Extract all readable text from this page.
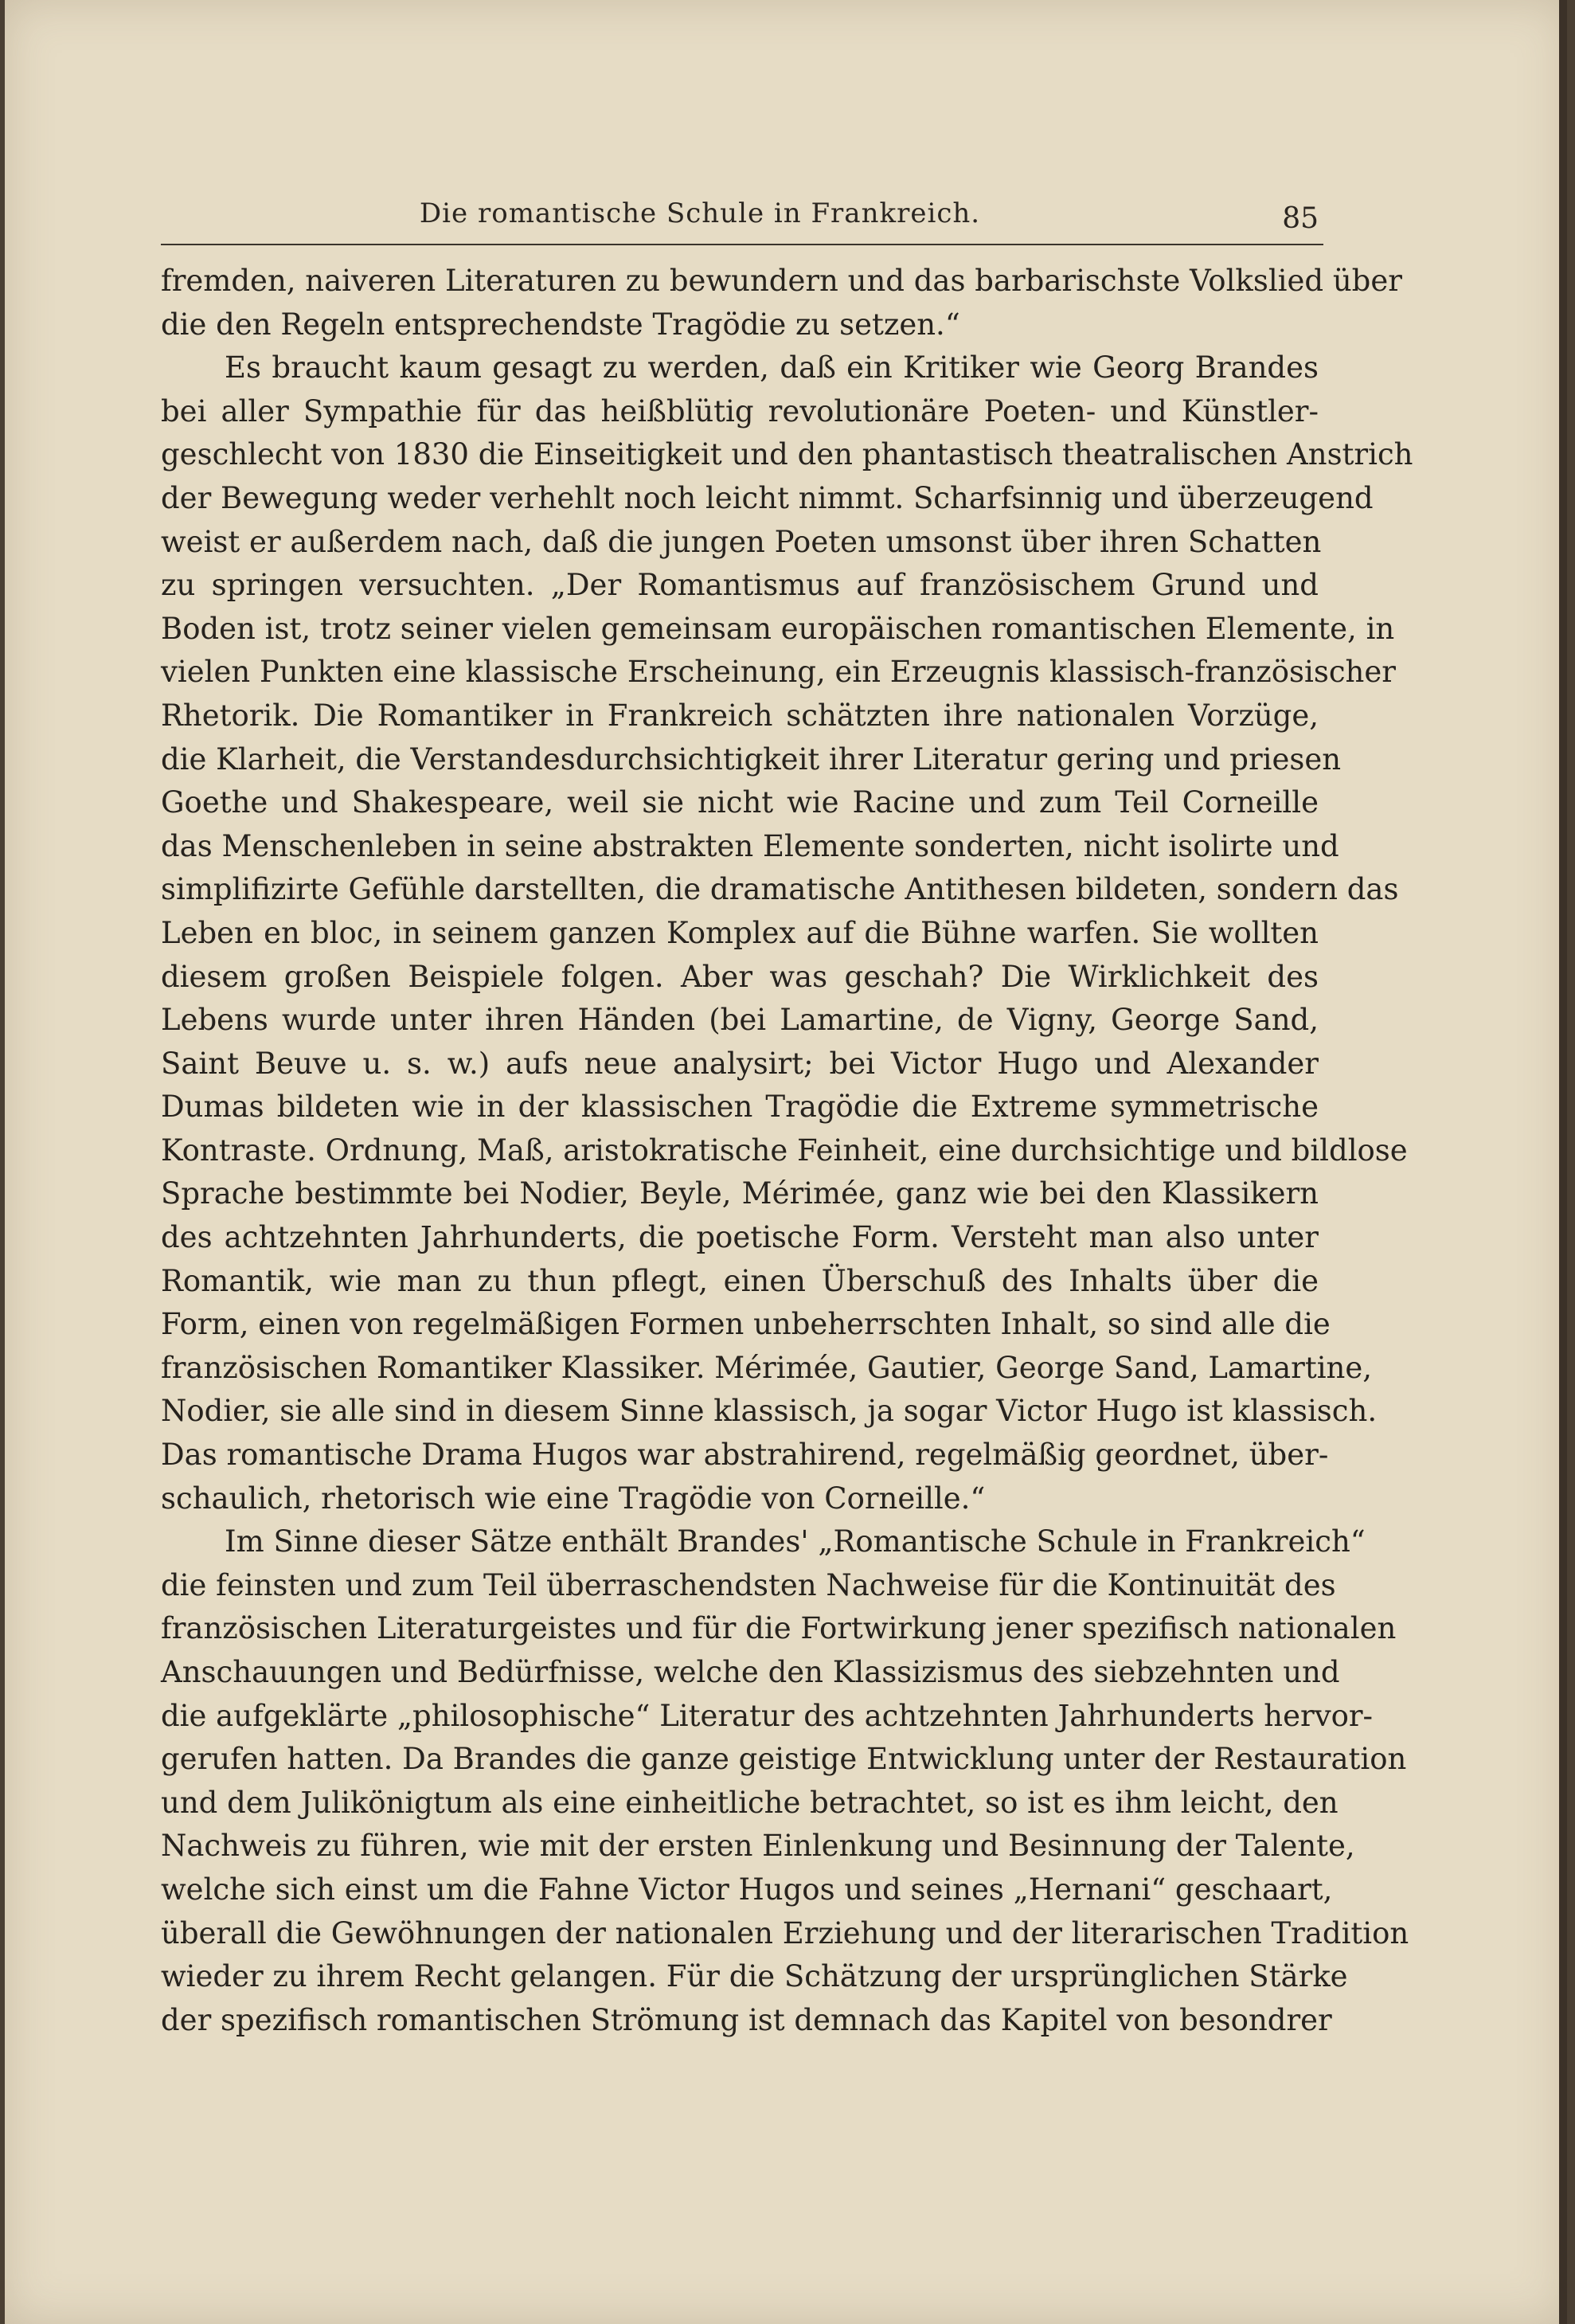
Die romantische Schule in Frankreich.	85
fremden, naiveren Literaturen zu bewundern und das barbarischste Volkslied über
die den Regeln entsprechendste Tragödie zu setzen.“
Es braucht kaum gesagt zu werden, daß ein Kritiker wie Georg Brandes
bei aller Sympathie für das heißblütig revolutionäre Poeten- und Künstler-
geschlecht von 1830 die Einseitigkeit und den phantastisch theatralischen Anstrich
der Bewegung weder verhehlt noch leicht nimmt. Scharfsinnig und überzeugend
weist er außerdem nach, daß die jungen Poeten umsonst über ihren Schatten
zu springen versuchten. „Der Romantismus auf französischem Grund und
Boden ist, trotz seiner vielen gemeinsam europäischen romantischen Elemente, in
vielen Punkten eine klassische Erscheinung, ein Erzeugnis klassisch-französischer
Rhetorik. Die Romantiker in Frankreich schätzten ihre nationalen Vorzüge,
die Klarheit, die Verstandesdurchsichtigkeit ihrer Literatur gering und priesen
Goethe und Shakespeare, weil sie nicht wie Racine und zum Teil Corneille
das Menschenleben in seine abstrakten Elemente sonderten, nicht isolirte und
simplifizirte Gefühle darstellten, die dramatische Antithesen bildeten, sondern das
Leben en bloc, in seinem ganzen Komplex auf die Bühne warfen. Sie wollten
diesem großen Beispiele folgen. Aber was geschah? Die Wirklichkeit des
Lebens wurde unter ihren Händen (bei Lamartine, de Vigny, George Sand,
Saint Beuve u. s. w.) aufs neue analysirt; bei Victor Hugo und Alexander
Dumas bildeten wie in der klassischen Tragödie die Extreme symmetrische
Kontraste. Ordnung, Maß, aristokratische Feinheit, eine durchsichtige und bildlose
Sprache bestimmte bei Nodier, Beyle, Mérimée, ganz wie bei den Klassikern
des achtzehnten Jahrhunderts, die poetische Form. Versteht man also unter
Romantik, wie man zu thun pflegt, einen Überschuß des Inhalts über die
Form, einen von regelmäßigen Formen unbeherrschten Inhalt, so sind alle die
französischen Romantiker Klassiker. Mérimée, Gautier, George Sand, Lamartine,
Nodier, sie alle sind in diesem Sinne klassisch, ja sogar Victor Hugo ist klassisch.
Das romantische Drama Hugos war abstrahirend, regelmäßig geordnet, über-
schaulich, rhetorisch wie eine Tragödie von Corneille.“
Im Sinne dieser Sätze enthält Brandes' „Romantische Schule in Frankreich“
die feinsten und zum Teil überraschendsten Nachweise für die Kontinuität des
französischen Literaturgeistes und für die Fortwirkung jener spezifisch nationalen
Anschauungen und Bedürfnisse, welche den Klassizismus des siebzehnten und
die aufgeklärte „philosophische“ Literatur des achtzehnten Jahrhunderts hervor-
gerufen hatten. Da Brandes die ganze geistige Entwicklung unter der Restauration
und dem Julikönigtum als eine einheitliche betrachtet, so ist es ihm leicht, den
Nachweis zu führen, wie mit der ersten Einlenkung und Besinnung der Talente,
welche sich einst um die Fahne Victor Hugos und seines „Hernani“ geschaart,
überall die Gewöhnungen der nationalen Erziehung und der literarischen Tradition
wieder zu ihrem Recht gelangen. Für die Schätzung der ursprünglichen Stärke
der spezifisch romantischen Strömung ist demnach das Kapitel von besondrer
